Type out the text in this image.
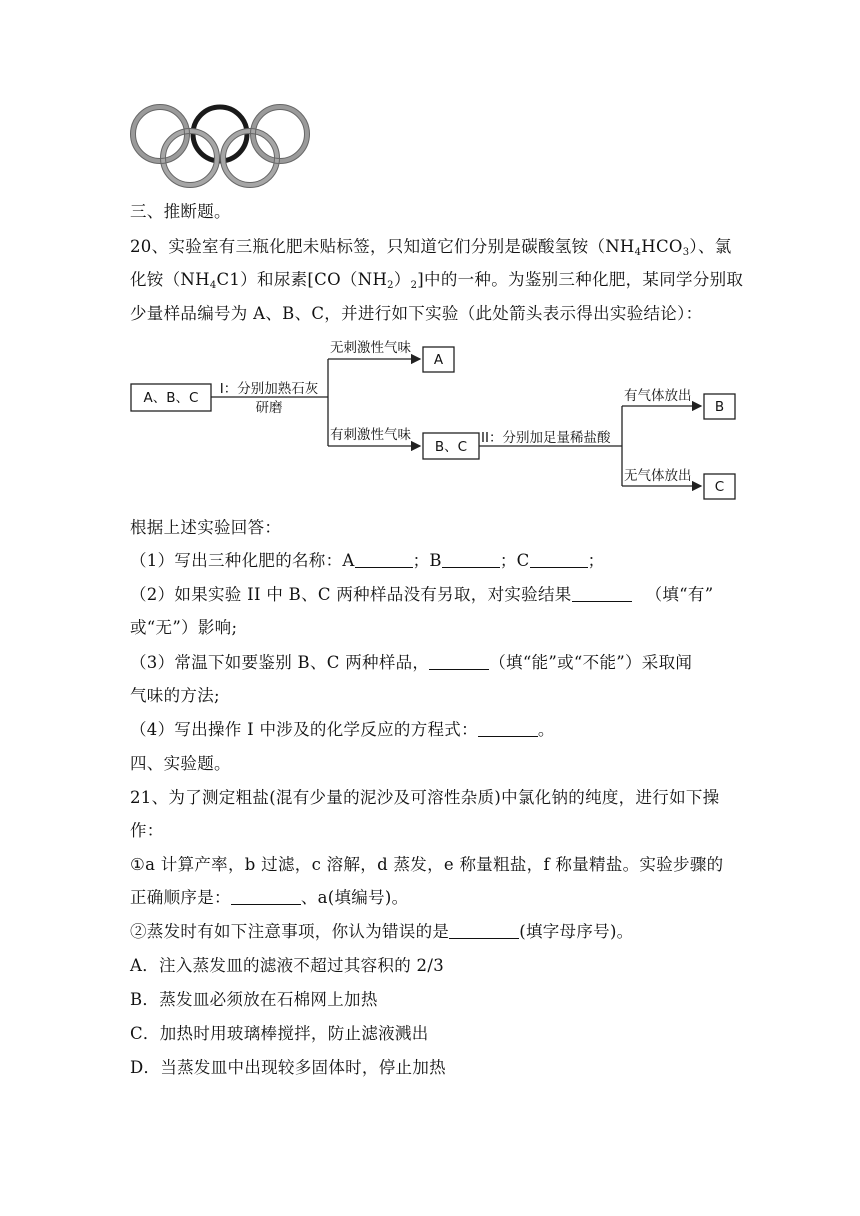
三、推断题。
20、实验室有三瓶化肥未贴标签，只知道它们分别是碳酸氢铵$(NH_4HCO_3)$、氯
化铵$(NH_4C1)$和尿素$[CO(NH_2)_2]$中的一种。为鉴别三种化肥，某同学分别取
少量样品编号为 A、B、C，并进行如下实验（此处箭头表示得出实验结论）：
A、B、C
I：分别加熟石灰
研磨
无刺激性气味
有刺激性气味
A
B、C
II：分别加足量稀盐酸
有气体放出
无气体放出
B
C
根据上述实验回答：
（1）写出三种化肥的名称：A	；B	；C	；
（2）如果实验 II 中 B、C 两种样品没有另取，对实验结果	（填“有”
或“无”）影响;
（3）常温下如要鉴别 B、C 两种样品，	（填“能”或“不能”）采取闻
气味的方法;
（4）写出操作 I 中涉及的化学反应的方程式：	。
四、实验题。
21、为了测定粗盐(混有少量的泥沙及可溶性杂质)中氯化钠的纯度，进行如下操
作：
①a 计算产率，b 过滤，c 溶解，d 蒸发，e 称量粗盐，f 称量精盐。实验步骤的
正确顺序是：	、a(填编号)。
②蒸发时有如下注意事项，你认为错误的是	(填字母序号)。
A．注入蒸发皿的滤液不超过其容积的 2/3
B．蒸发皿必须放在石棉网上加热
C．加热时用玻璃棒搅拌，防止滤液溅出
D．当蒸发皿中出现较多固体时，停止加热
